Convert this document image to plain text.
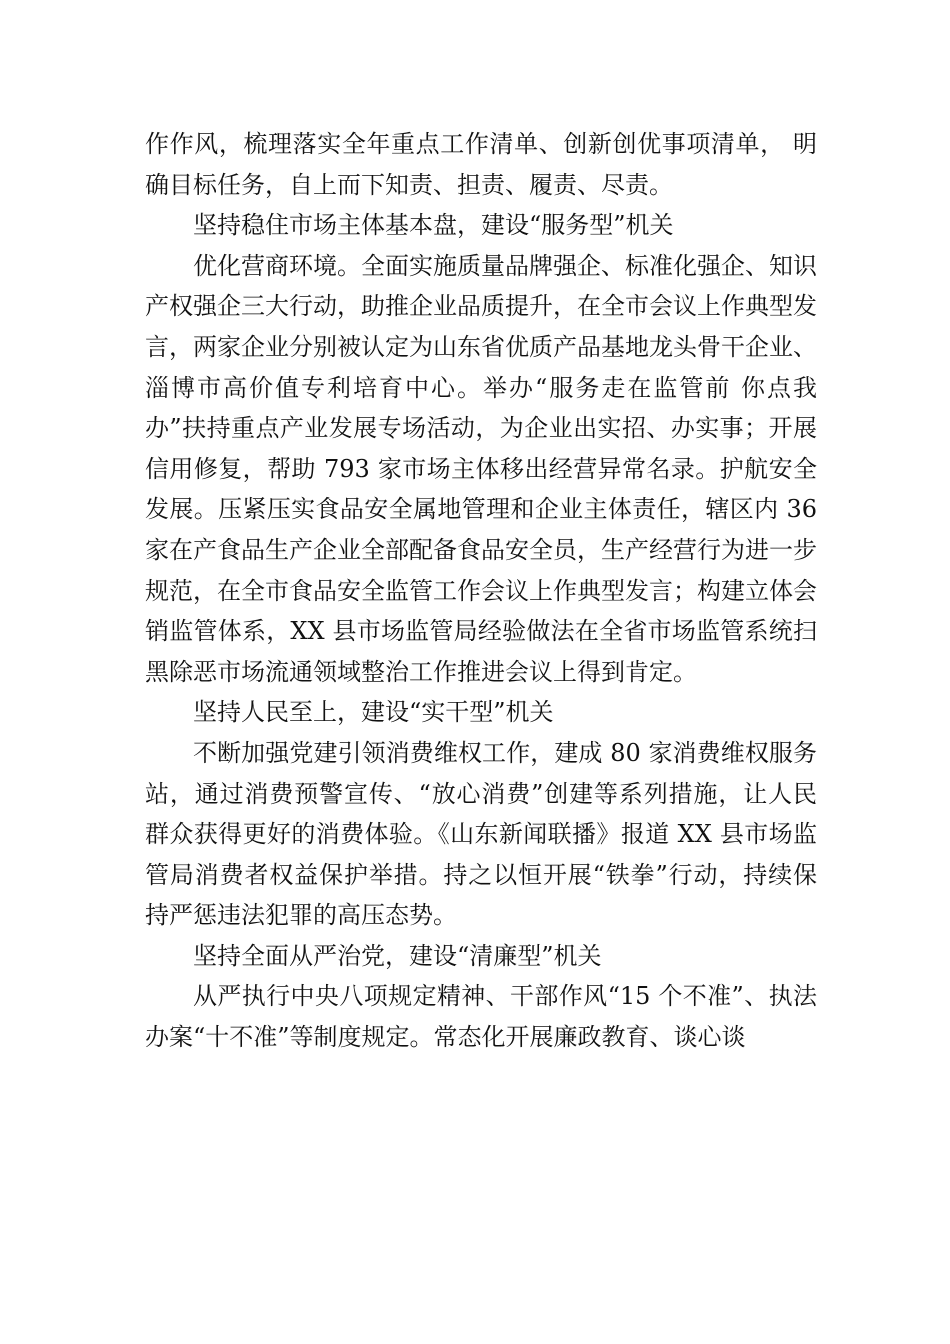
作作风，梳理落实全年重点工作清单、创新创优事项清单， 明确目标任务，自上而下知责、担责、履责、尽责。

坚持稳住市场主体基本盘，建设“服务型”机关

优化营商环境。全面实施质量品牌强企、标准化强企、知识产权强企三大行动，助推企业品质提升，在全市会议上作典型发言，两家企业分别被认定为山东省优质产品基地龙头骨干企业、淄博市高价值专利培育中心。举办“服务走在监管前 你点我办”扶持重点产业发展专场活动，为企业出实招、办实事；开展信用修复，帮助 793 家市场主体移出经营异常名录。护航安全发展。压紧压实食品安全属地管理和企业主体责任，辖区内 36 家在产食品生产企业全部配备食品安全员，生产经营行为进一步规范，在全市食品安全监管工作会议上作典型发言；构建立体会销监管体系，XX 县市场监管局经验做法在全省市场监管系统扫黑除恶市场流通领域整治工作推进会议上得到肯定。

坚持人民至上，建设“实干型”机关

不断加强党建引领消费维权工作，建成 80 家消费维权服务站，通过消费预警宣传、“放心消费”创建等系列措施，让人民群众获得更好的消费体验。《山东新闻联播》报道 XX 县市场监管局消费者权益保护举措。持之以恒开展“铁拳”行动，持续保持严惩违法犯罪的高压态势。

坚持全面从严治党，建设“清廉型”机关

从严执行中央八项规定精神、干部作风“15 个不准”、执法办案“十不准”等制度规定。常态化开展廉政教育、谈心谈
